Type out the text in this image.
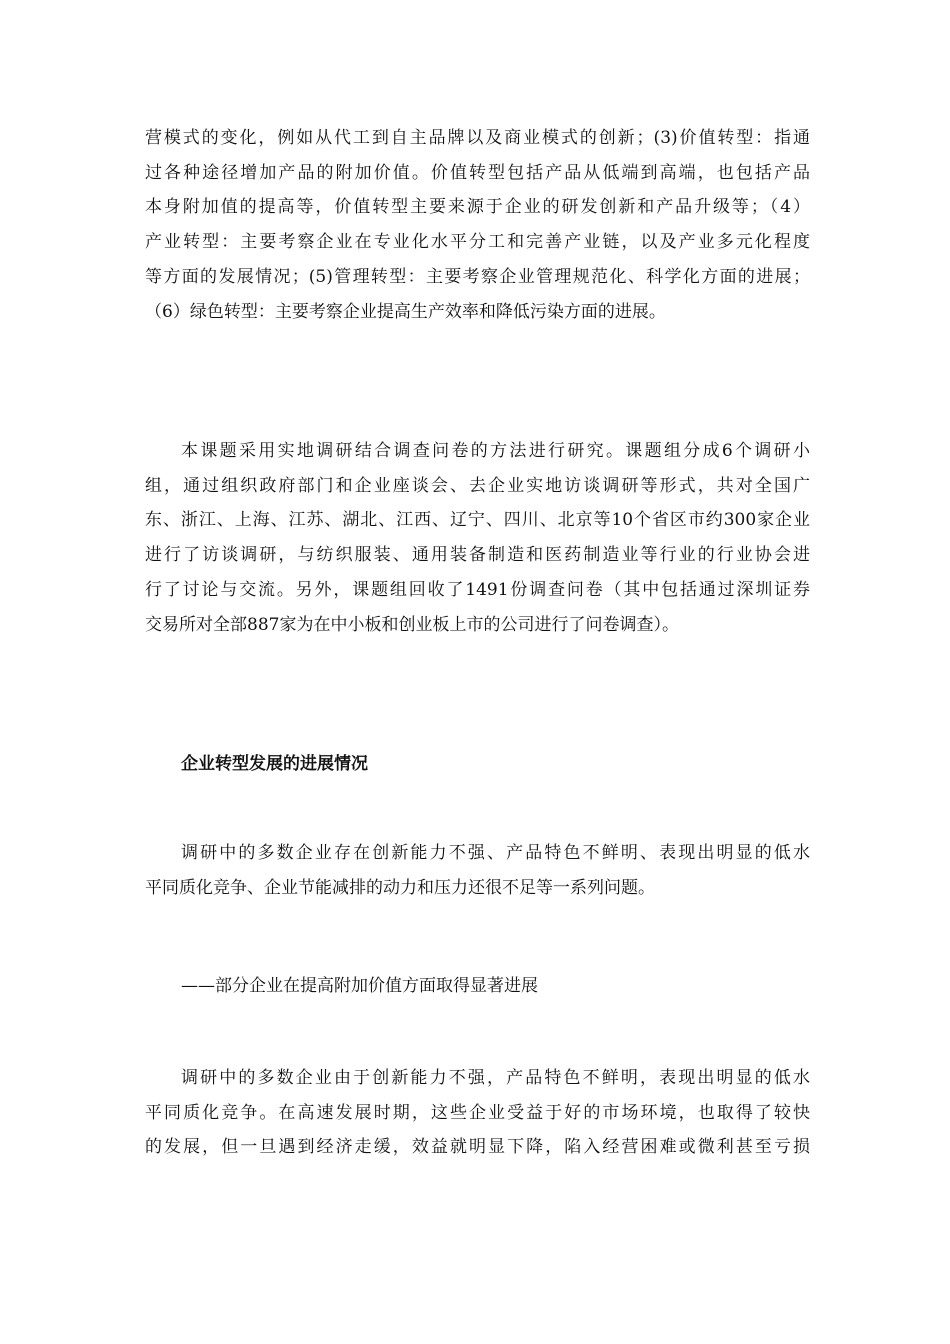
营模式的变化，例如从代工到自主品牌以及商业模式的创新；(3)价值转型：指通
过各种途径增加产品的附加价值。价值转型包括产品从低端到高端，也包括产品
本身附加值的提高等，价值转型主要来源于企业的研发创新和产品升级等；（4）
产业转型：主要考察企业在专业化水平分工和完善产业链，以及产业多元化程度
等方面的发展情况；(5)管理转型：主要考察企业管理规范化、科学化方面的进展；
（6）绿色转型：主要考察企业提高生产效率和降低污染方面的进展。
本课题采用实地调研结合调查问卷的方法进行研究。课题组分成6个调研小
组，通过组织政府部门和企业座谈会、去企业实地访谈调研等形式，共对全国广
东、浙江、上海、江苏、湖北、江西、辽宁、四川、北京等10个省区市约300家企业
进行了访谈调研，与纺织服装、通用装备制造和医药制造业等行业的行业协会进
行了讨论与交流。另外，课题组回收了1491份调查问卷（其中包括通过深圳证券
交易所对全部887家为在中小板和创业板上市的公司进行了问卷调查）。
企业转型发展的进展情况
调研中的多数企业存在创新能力不强、产品特色不鲜明、表现出明显的低水
平同质化竞争、企业节能减排的动力和压力还很不足等一系列问题。
——部分企业在提高附加价值方面取得显著进展
调研中的多数企业由于创新能力不强，产品特色不鲜明，表现出明显的低水
平同质化竞争。在高速发展时期，这些企业受益于好的市场环境，也取得了较快
的发展，但一旦遇到经济走缓，效益就明显下降，陷入经营困难或微利甚至亏损
